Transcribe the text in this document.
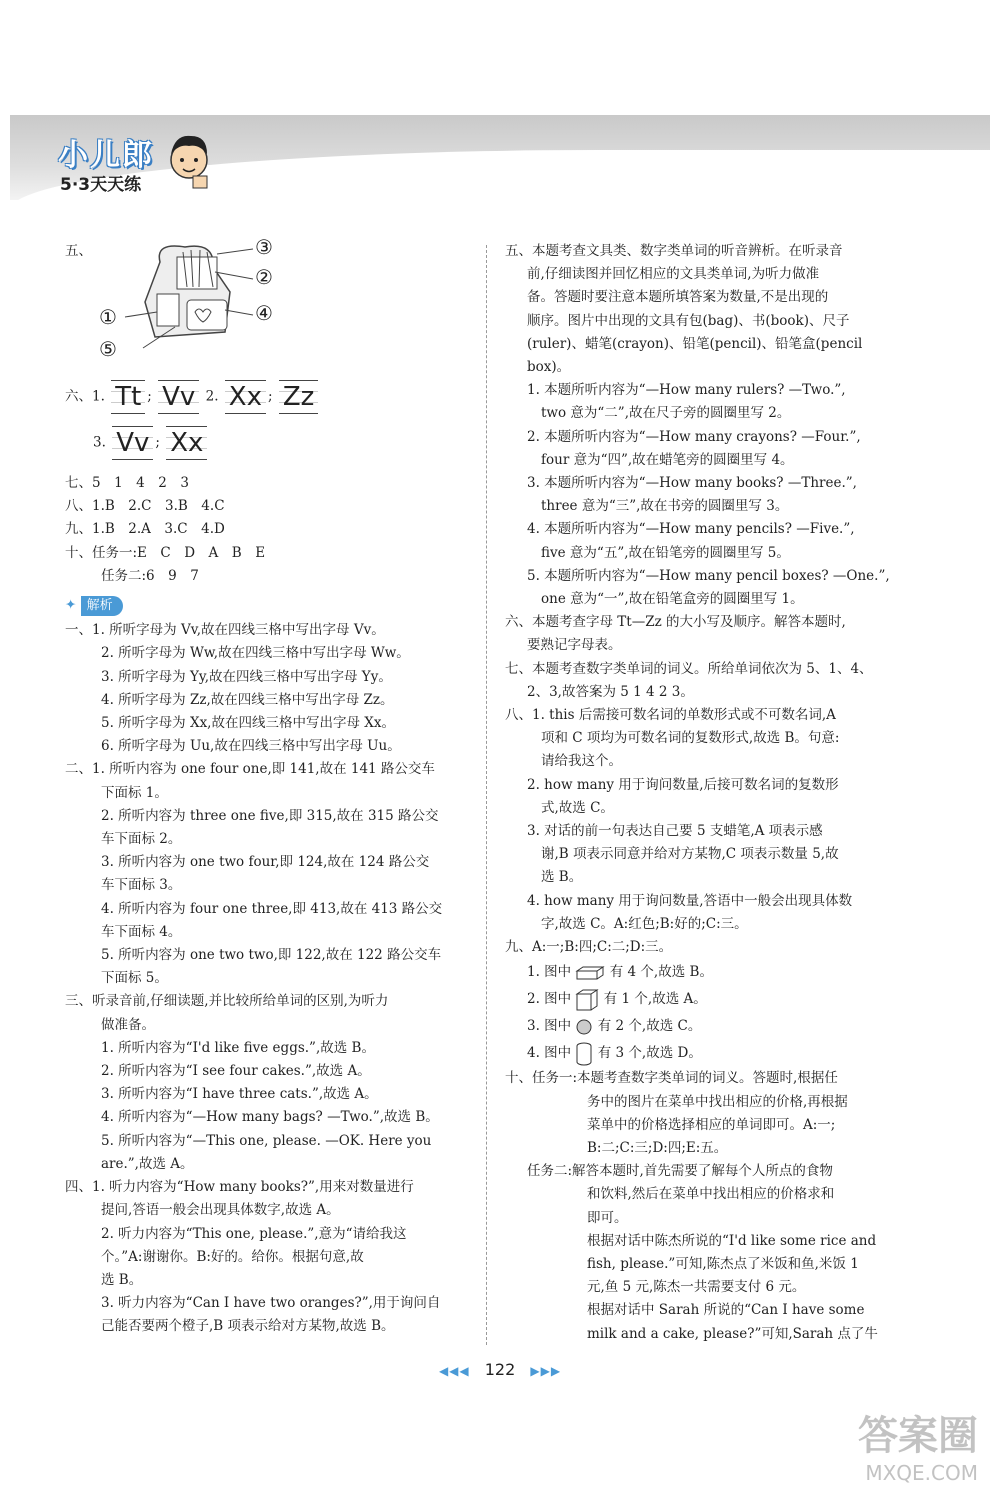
小儿郎
5·3天天练
五、	③
②
④
①
⑤
六、1. Tt ; Vv 2. Xx ; Zz
3. Vv ; Xx
七、5　1　4　2　3
八、1.B　2.C　3.B　4.C
九、1.B　2.A　3.C　4.D
十、任务一:E　C　D　A　B　E
任务二:6　9　7
✦ 解析
一、1. 所听字母为 Vv,故在四线三格中写出字母 Vv。
2. 所听字母为 Ww,故在四线三格中写出字母 Ww。
3. 所听字母为 Yy,故在四线三格中写出字母 Yy。
4. 所听字母为 Zz,故在四线三格中写出字母 Zz。
5. 所听字母为 Xx,故在四线三格中写出字母 Xx。
6. 所听字母为 Uu,故在四线三格中写出字母 Uu。
二、1. 所听内容为 one four one,即 141,故在 141 路公交车
下面标 1。
2. 所听内容为 three one five,即 315,故在 315 路公交
车下面标 2。
3. 所听内容为 one two four,即 124,故在 124 路公交
车下面标 3。
4. 所听内容为 four one three,即 413,故在 413 路公交
车下面标 4。
5. 所听内容为 one two two,即 122,故在 122 路公交车
下面标 5。
三、听录音前,仔细读题,并比较所给单词的区别,为听力
做准备。
1. 所听内容为“I'd like five eggs.”,故选 B。
2. 所听内容为“I see four cakes.”,故选 A。
3. 所听内容为“I have three cats.”,故选 A。
4. 所听内容为“—How many bags? —Two.”,故选 B。
5. 所听内容为“—This one, please. —OK. Here you
are.”,故选 A。
四、1. 听力内容为“How many books?”,用来对数量进行
提问,答语一般会出现具体数字,故选 A。
2. 听力内容为“This one, please.”,意为“请给我这
个。”A:谢谢你。B:好的。给你。根据句意,故
选 B。
3. 听力内容为“Can I have two oranges?”,用于询问自
己能否要两个橙子,B 项表示给对方某物,故选 B。
五、本题考查文具类、数字类单词的听音辨析。在听录音
前,仔细读图并回忆相应的文具类单词,为听力做准
备。答题时要注意本题所填答案为数量,不是出现的
顺序。图片中出现的文具有包(bag)、书(book)、尺子
(ruler)、蜡笔(crayon)、铅笔(pencil)、铅笔盒(pencil
box)。
1. 本题所听内容为“—How many rulers? —Two.”,
two 意为“二”,故在尺子旁的圆圈里写 2。
2. 本题所听内容为“—How many crayons? —Four.”,
four 意为“四”,故在蜡笔旁的圆圈里写 4。
3. 本题所听内容为“—How many books? —Three.”,
three 意为“三”,故在书旁的圆圈里写 3。
4. 本题所听内容为“—How many pencils? —Five.”,
five 意为“五”,故在铅笔旁的圆圈里写 5。
5. 本题所听内容为“—How many pencil boxes? —One.”,
one 意为“一”,故在铅笔盒旁的圆圈里写 1。
六、本题考查字母 Tt—Zz 的大小写及顺序。解答本题时,
要熟记字母表。
七、本题考查数字类单词的词义。所给单词依次为 5、1、4、
2、3,故答案为 5 1 4 2 3。
八、1. this 后需接可数名词的单数形式或不可数名词,A
项和 C 项均为可数名词的复数形式,故选 B。句意:
请给我这个。
2. how many 用于询问数量,后接可数名词的复数形
式,故选 C。
3. 对话的前一句表达自己要 5 支蜡笔,A 项表示感
谢,B 项表示同意并给对方某物,C 项表示数量 5,故
选 B。
4. how many 用于询问数量,答语中一般会出现具体数
字,故选 C。A:红色;B:好的;C:三。
九、A:一;B:四;C:二;D:三。
1. 图中	有 4 个,故选 B。
2. 图中 有 1 个,故选 A。
3. 图中 有 2 个,故选 C。
4. 图中 有 3 个,故选 D。
十、任务一:本题考查数字类单词的词义。答题时,根据任
务中的图片在菜单中找出相应的价格,再根据
菜单中的价格选择相应的单词即可。A:一;
B:二;C:三;D:四;E:五。
任务二:解答本题时,首先需要了解每个人所点的食物
和饮料,然后在菜单中找出相应的价格求和
即可。
根据对话中陈杰所说的“I'd like some rice and
fish, please.”可知,陈杰点了米饭和鱼,米饭 1
元,鱼 5 元,陈杰一共需要支付 6 元。
根据对话中 Sarah 所说的“Can I have some
milk and a cake, please?”可知,Sarah 点了牛
◀◀◀ 122 ▶▶▶
答案圈
MXQE.COM
